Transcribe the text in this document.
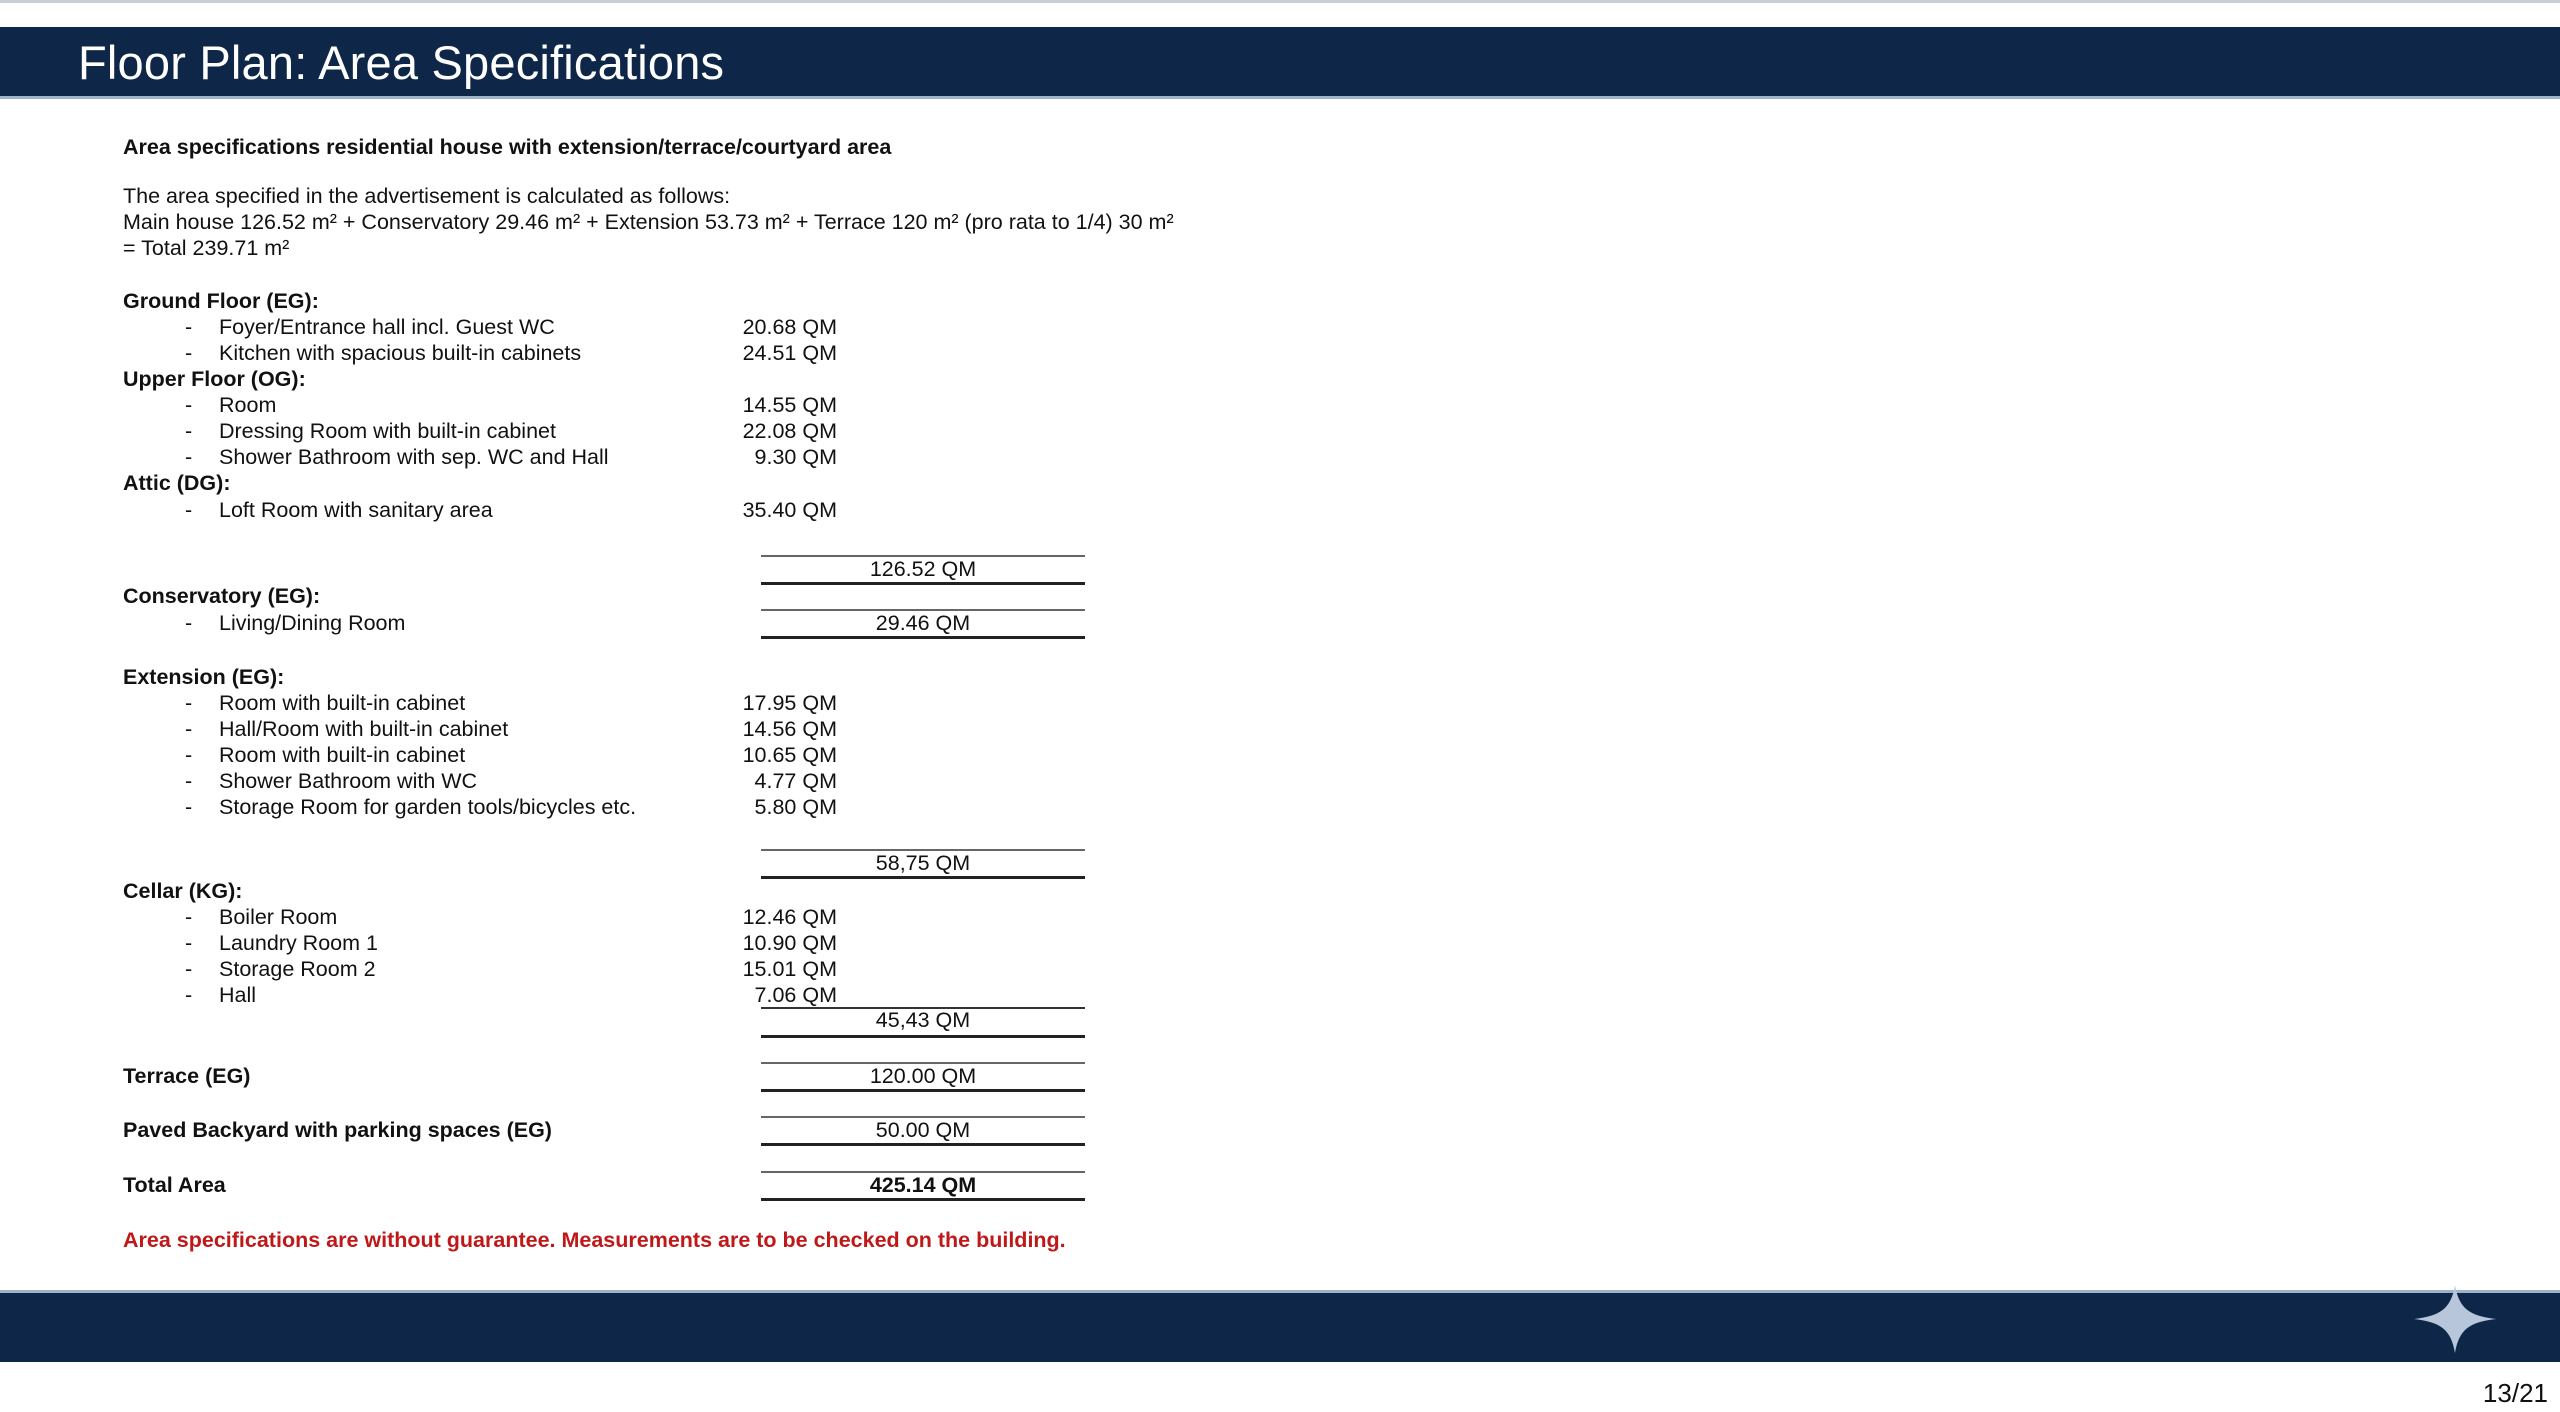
Floor Plan: Area Specifications
Area specifications residential house with extension/terrace/courtyard area
The area specified in the advertisement is calculated as follows:
Main house 126.52 m² + Conservatory 29.46 m² + Extension 53.73 m² + Terrace 120 m² (pro rata to 1/4) 30 m²
= Total 239.71 m²
Ground Floor (EG):
-	Foyer/Entrance hall incl. Guest WC	20.68 QM
-	Kitchen with spacious built-in cabinets	24.51 QM
Upper Floor (OG):
-	Room	14.55 QM
-	Dressing Room with built-in cabinet	22.08 QM
-	Shower Bathroom with sep. WC and Hall	9.30 QM
Attic (DG):
-	Loft Room with sanitary area	35.40 QM
126.52 QM
Conservatory (EG):
-	Living/Dining Room	29.46 QM
Extension (EG):
-	Room with built-in cabinet	17.95 QM
-	Hall/Room with built-in cabinet	14.56 QM
-	Room with built-in cabinet	10.65 QM
-	Shower Bathroom with WC	4.77 QM
-	Storage Room for garden tools/bicycles etc.	5.80 QM
58,75 QM
Cellar (KG):
-	Boiler Room	12.46 QM
-	Laundry Room 1	10.90 QM
-	Storage Room 2	15.01 QM
-	Hall	7.06 QM
45,43 QM
Terrace (EG)	120.00 QM
Paved Backyard with parking spaces (EG)	50.00 QM
Total Area	425.14 QM
Area specifications are without guarantee. Measurements are to be checked on the building.
13/21
